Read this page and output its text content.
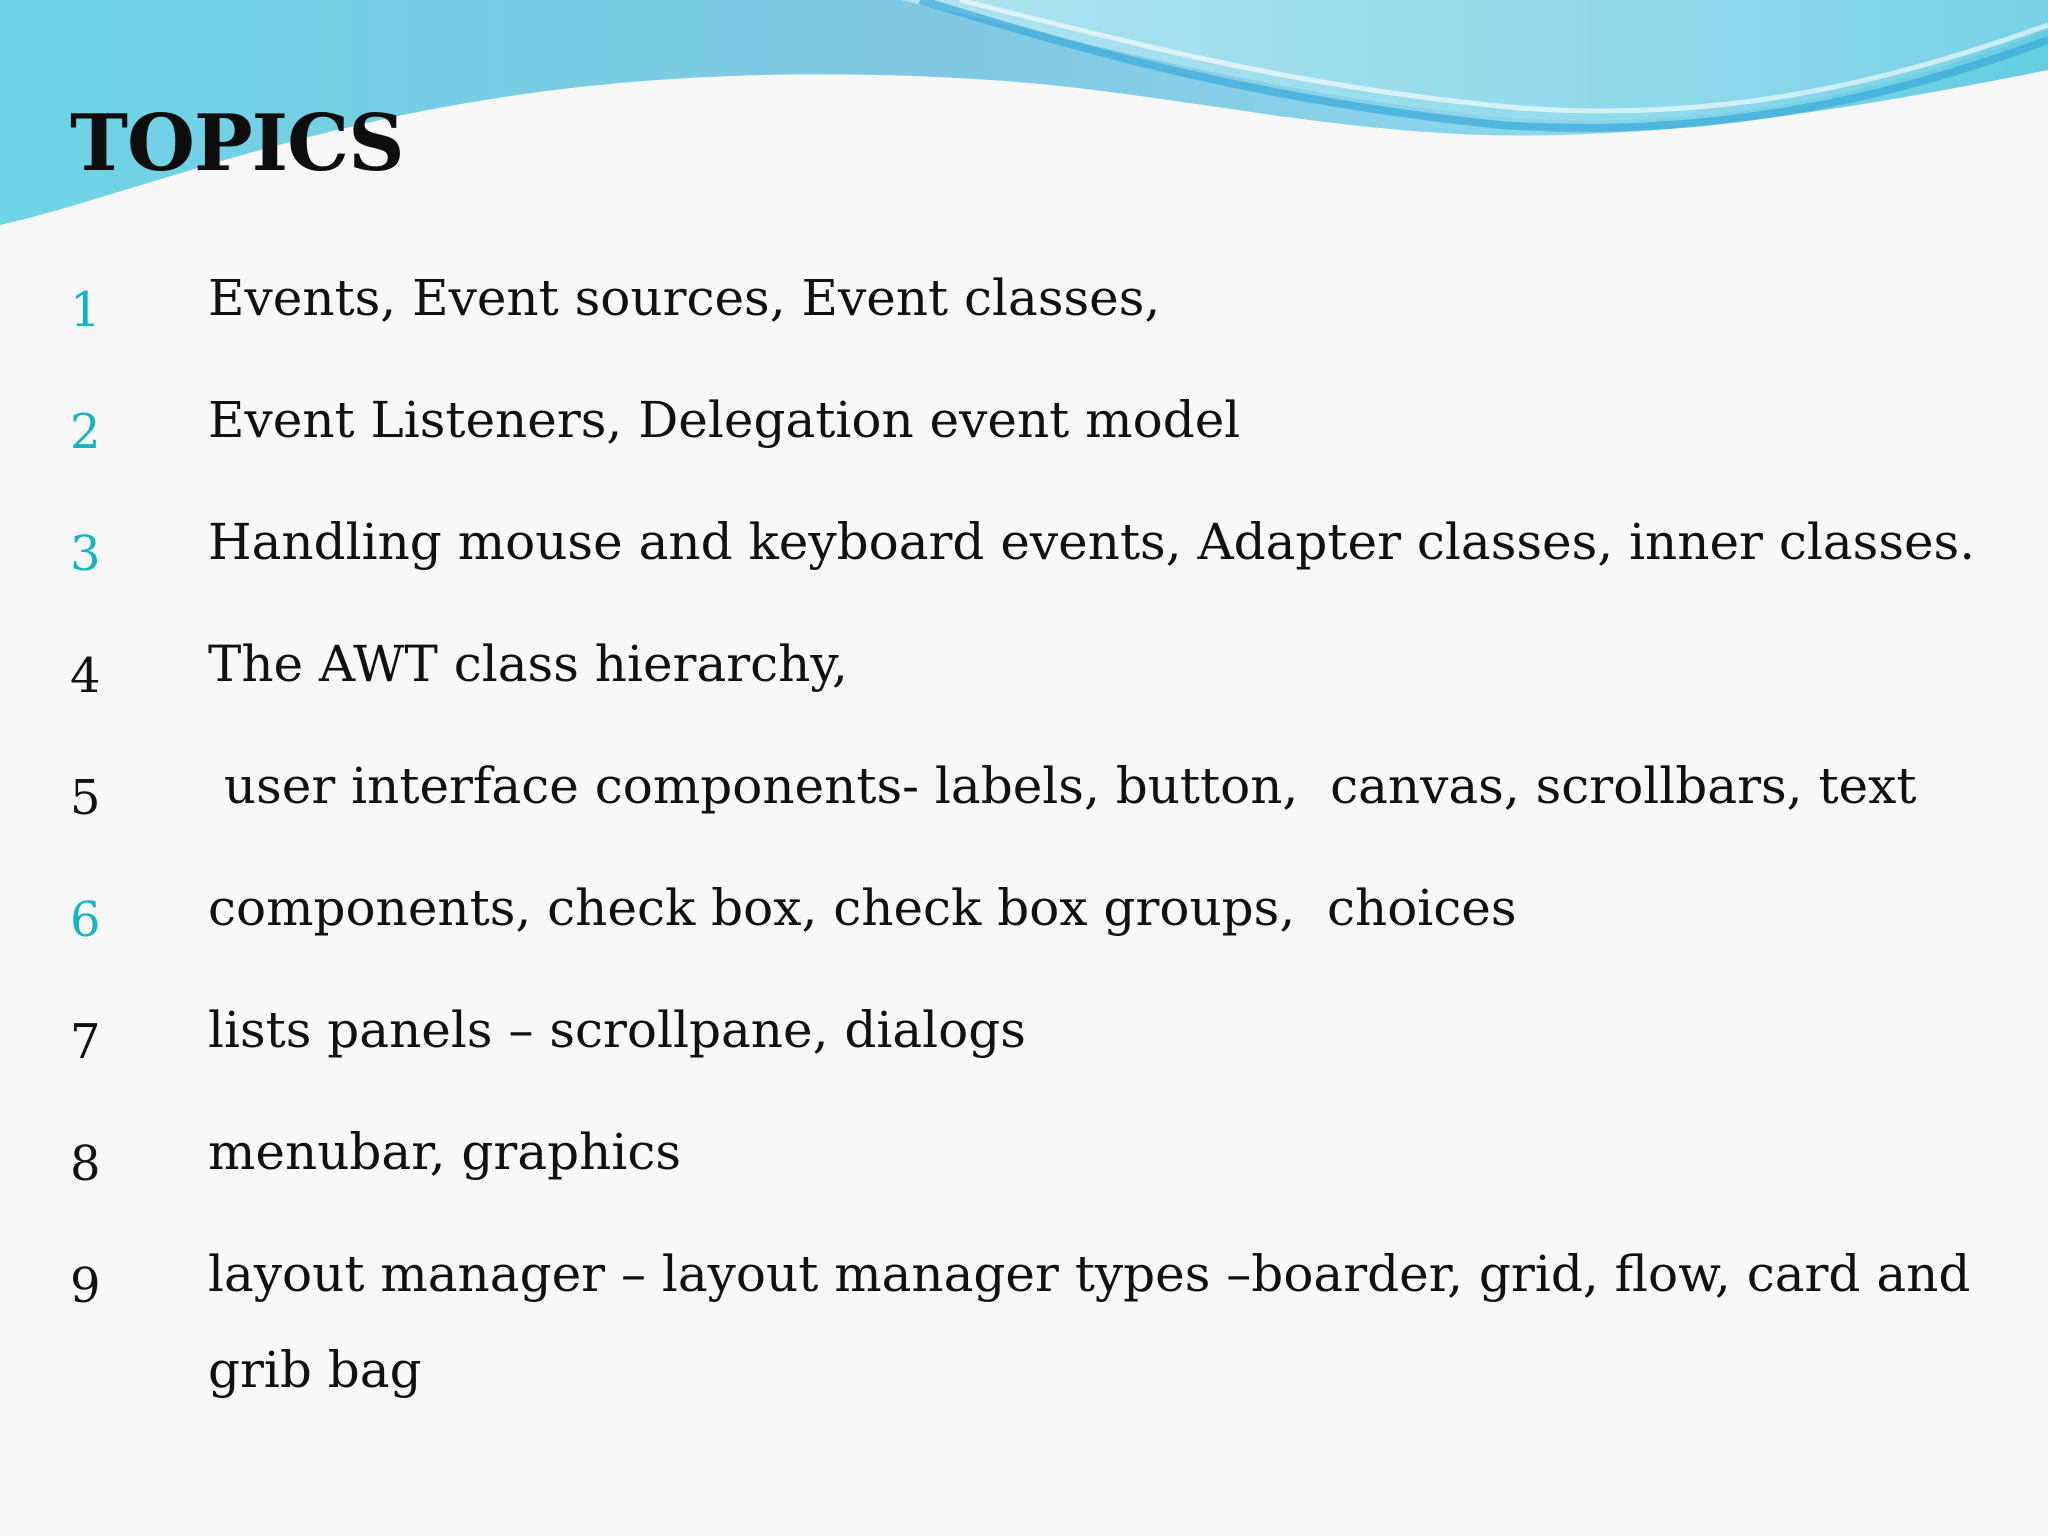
TOPICS
1	Events, Event sources, Event classes,
2	Event Listeners, Delegation event model
3	Handling mouse and keyboard events, Adapter classes, inner classes.
4	The AWT class hierarchy,
5	user interface components- labels, button,  canvas, scrollbars, text
6	components, check box, check box groups,  choices
7	lists panels – scrollpane, dialogs
8	menubar, graphics
9	layout manager – layout manager types –boarder, grid, flow, card and grib bag
